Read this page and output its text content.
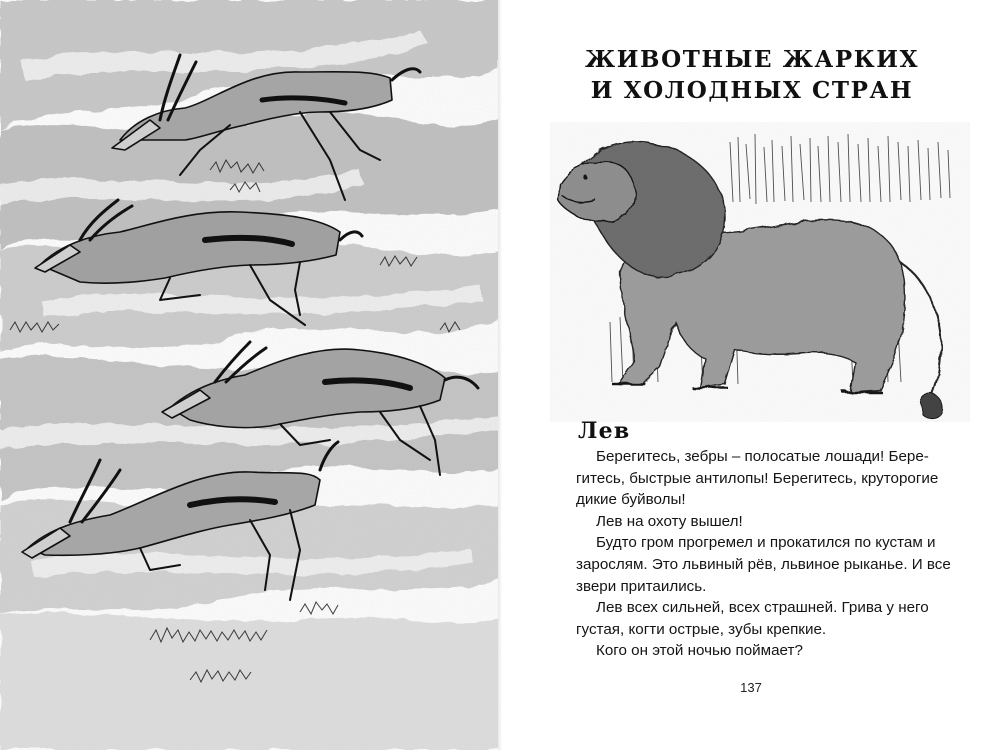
ЖИВОТНЫЕ ЖАРКИХ
И ХОЛОДНЫХ СТРАН
Лев

Берегитесь, зебры – полосатые лошади! Берегитесь, быстрые антилопы! Берегитесь, круторогие дикие буйволы!

Лев на охоту вышел!

Будто гром прогремел и прокатился по кустам и зарослям. Это львиный рёв, львиное рыканье. И все звери притаились.

Лев всех сильней, всех страшней. Грива у него густая, когти острые, зубы крепкие.

Кого он этой ночью поймает?

137
